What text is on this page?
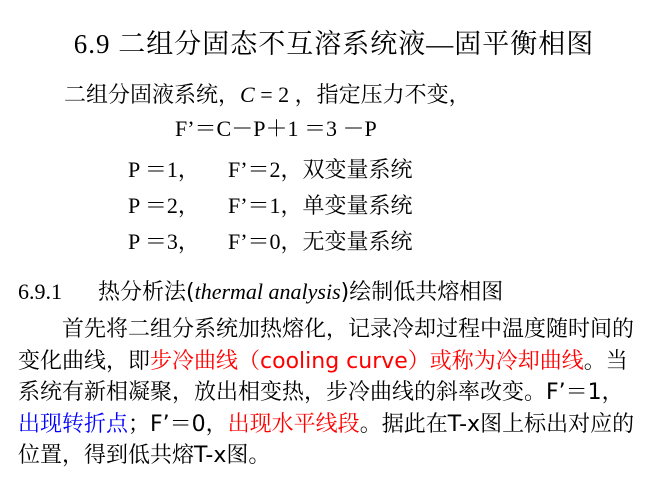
6.9 二组分固态不互溶系统液—固平衡相图
二组分固液系统，C = 2 ，指定压力不变，
F’＝C－P＋1 ＝3 －P
P ＝1， F’＝2，双变量系统
P ＝2， F’＝1，单变量系统
P ＝3， F’＝0，无变量系统
6.9.1 热分析法(thermal analysis)绘制低共熔相图
首先将二组分系统加热熔化，记录冷却过程中温度随时间的变化曲线，即步冷曲线（cooling curve）或称为冷却曲线。当系统有新相凝聚，放出相变热，步冷曲线的斜率改变。F’＝1，出现转折点；F’＝0，出现水平线段。据此在T-x图上标出对应的位置，得到低共熔T-x图。
